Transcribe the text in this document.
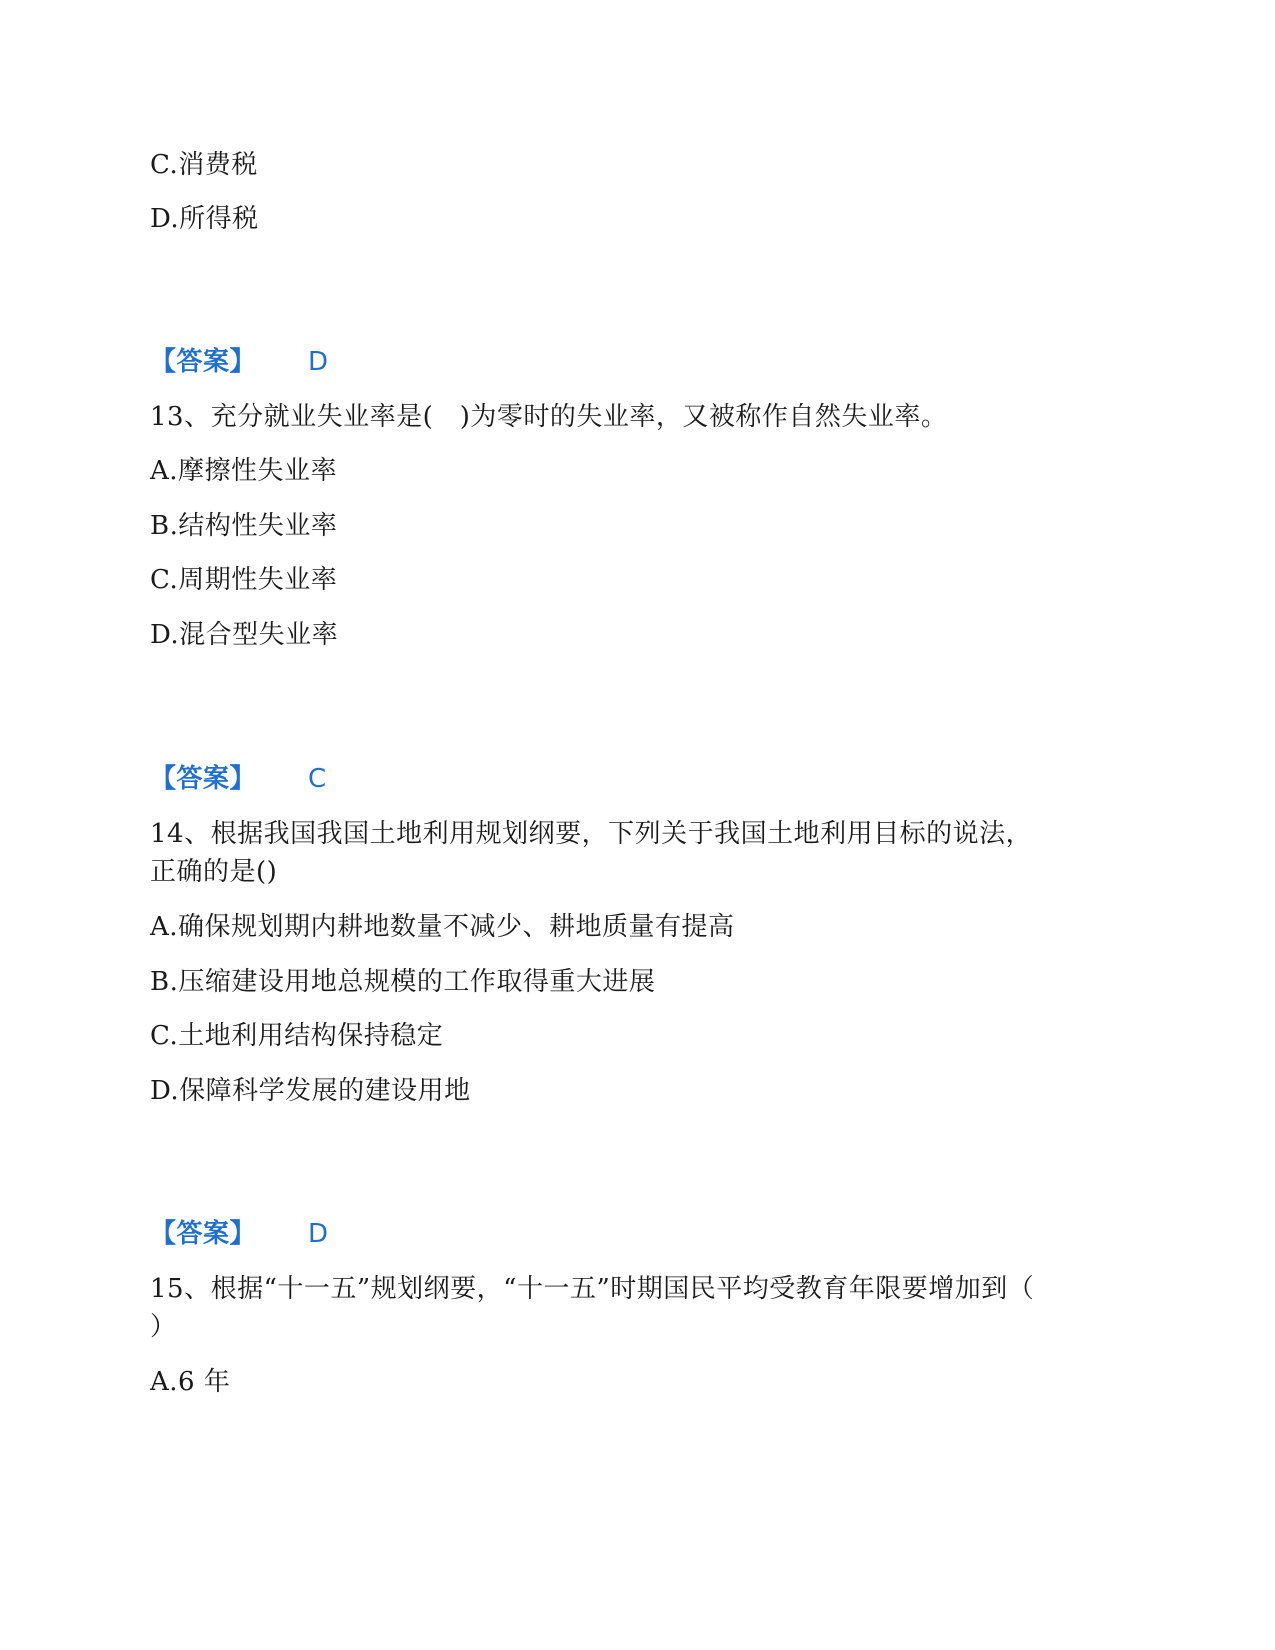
C.消费税
D.所得税
【答案】 D
13、充分就业失业率是(　)为零时的失业率，又被称作自然失业率。
A.摩擦性失业率
B.结构性失业率
C.周期性失业率
D.混合型失业率
【答案】 C
14、根据我国我国土地利用规划纲要，下列关于我国土地利用目标的说法，
正确的是()
A.确保规划期内耕地数量不减少、耕地质量有提高
B.压缩建设用地总规模的工作取得重大进展
C.土地利用结构保持稳定
D.保障科学发展的建设用地
【答案】 D
15、根据“十一五”规划纲要，“十一五”时期国民平均受教育年限要增加到（
）
A.6 年
